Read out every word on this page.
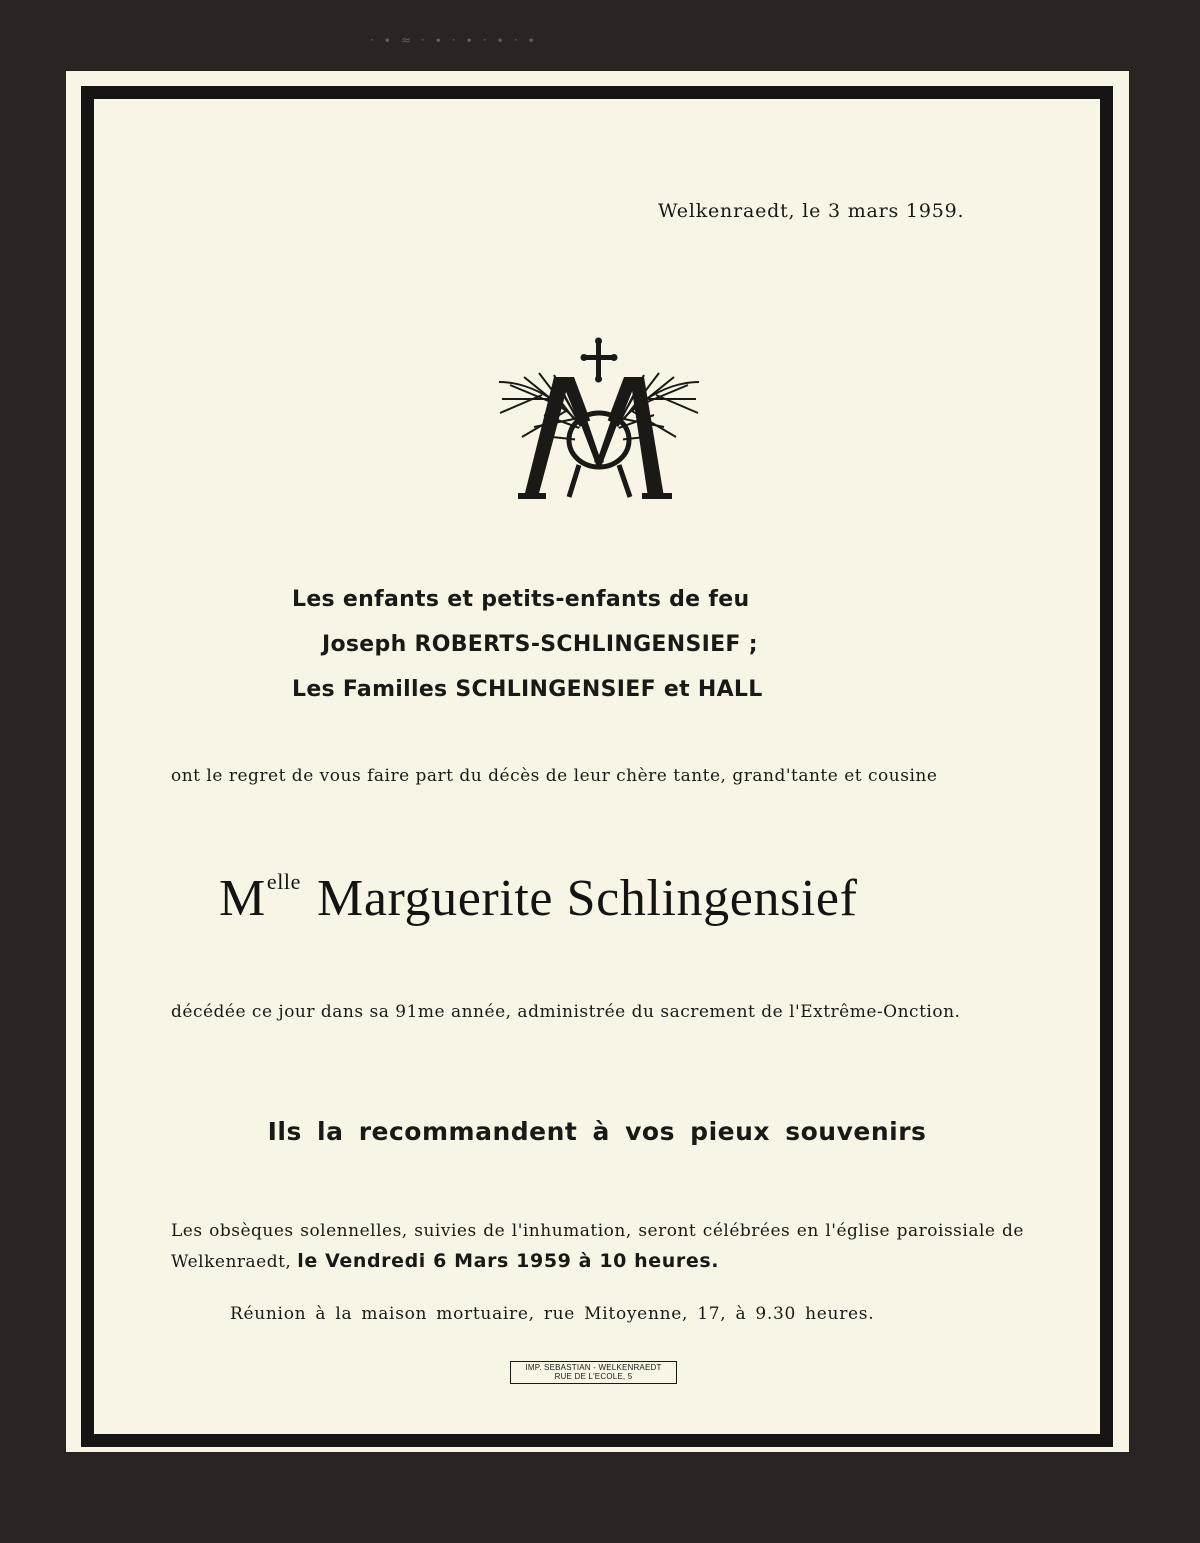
· ∙ ≈ ⋅ ∙ ⋅ ∙ ⋅ ∙ ⋅ ∙
Welkenraedt, le 3 mars 1959.
Les enfants et petits-enfants de feu
Joseph ROBERTS-SCHLINGENSIEF ;
Les Familles SCHLINGENSIEF et HALL
ont le regret de vous faire part du décès de leur chère tante, grand'tante et cousine
$M^{elle}$ Marguerite Schlingensief
décédée ce jour dans sa 91me année, administrée du sacrement de l'Extrême-Onction.
Ils la recommandent à vos pieux souvenirs
Les obsèques solennelles, suivies de l'inhumation, seront célébrées en l'église paroissiale de Welkenraedt, le Vendredi 6 Mars 1959 à 10 heures.
Réunion à la maison mortuaire, rue Mitoyenne, 17, à 9.30 heures.
IMP. SEBASTIAN - WELKENRAEDT
RUE DE L'ECOLE, 5
